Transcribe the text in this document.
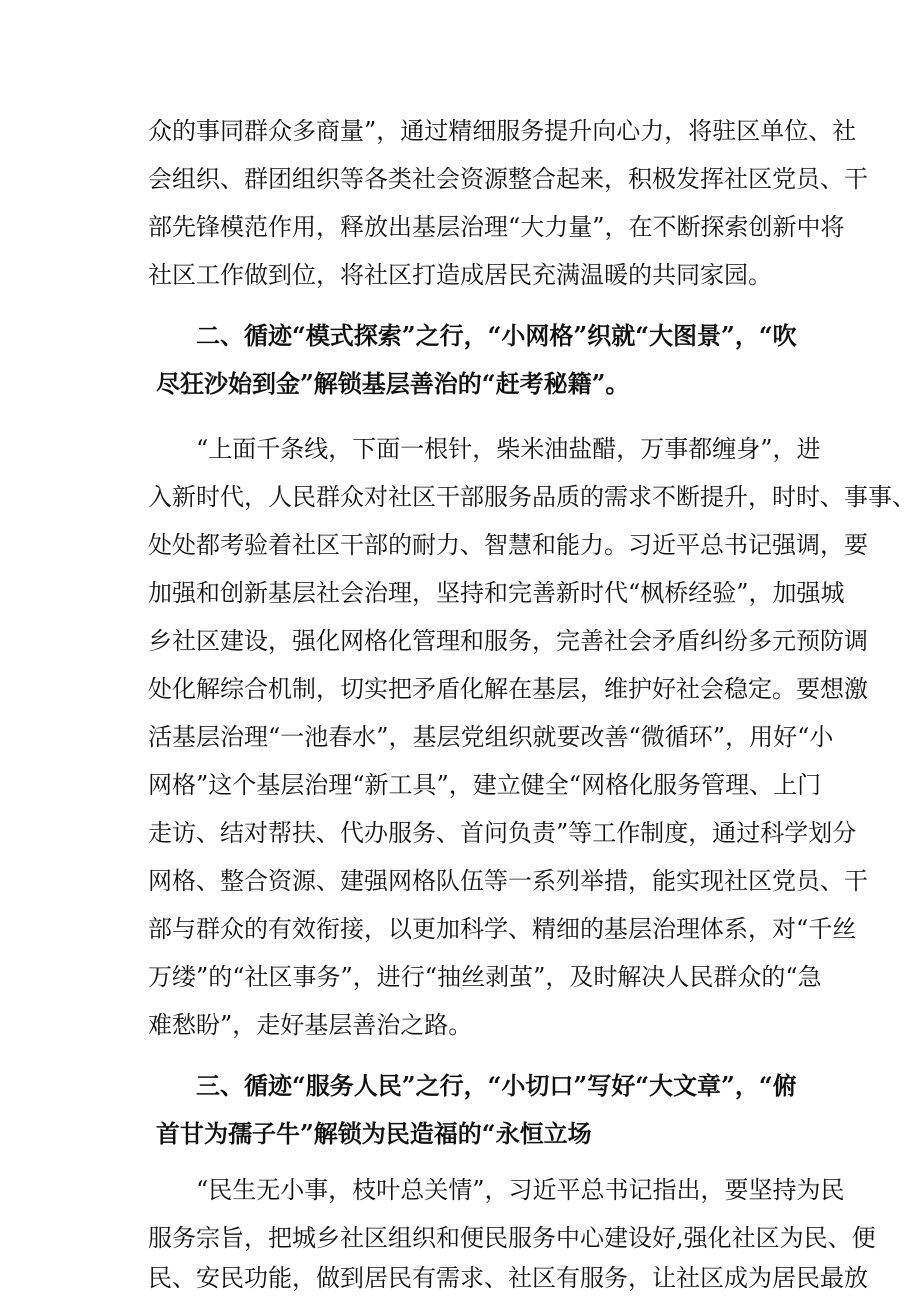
众的事同群众多商量”，通过精细服务提升向心力，将驻区单位、社
会组织、群团组织等各类社会资源整合起来，积极发挥社区党员、干
部先锋模范作用，释放出基层治理“大力量”，在不断探索创新中将
社区工作做到位，将社区打造成居民充满温暖的共同家园。
二、循迹“模式探索”之行，“小网格”织就“大图景”，“吹
尽狂沙始到金”解锁基层善治的“赶考秘籍”。
“上面千条线，下面一根针，柴米油盐醋，万事都缠身”，进
入新时代，人民群众对社区干部服务品质的需求不断提升，时时、事事、
处处都考验着社区干部的耐力、智慧和能力。习近平总书记强调，要
加强和创新基层社会治理，坚持和完善新时代“枫桥经验”，加强城
乡社区建设，强化网格化管理和服务，完善社会矛盾纠纷多元预防调
处化解综合机制，切实把矛盾化解在基层，维护好社会稳定。要想激
活基层治理“一池春水”，基层党组织就要改善“微循环”，用好“小
网格”这个基层治理“新工具”，建立健全“网格化服务管理、上门
走访、结对帮扶、代办服务、首问负责”等工作制度，通过科学划分
网格、整合资源、建强网格队伍等一系列举措，能实现社区党员、干
部与群众的有效衔接，以更加科学、精细的基层治理体系，对“千丝
万缕”的“社区事务”，进行“抽丝剥茧”，及时解决人民群众的“急
难愁盼”，走好基层善治之路。
三、循迹“服务人民”之行，“小切口”写好“大文章”，“俯
首甘为孺子牛”解锁为民造福的“永恒立场
“民生无小事，枝叶总关情”，习近平总书记指出，要坚持为民
服务宗旨，把城乡社区组织和便民服务中心建设好,强化社区为民、便
民、安民功能，做到居民有需求、社区有服务，让社区成为居民最放
